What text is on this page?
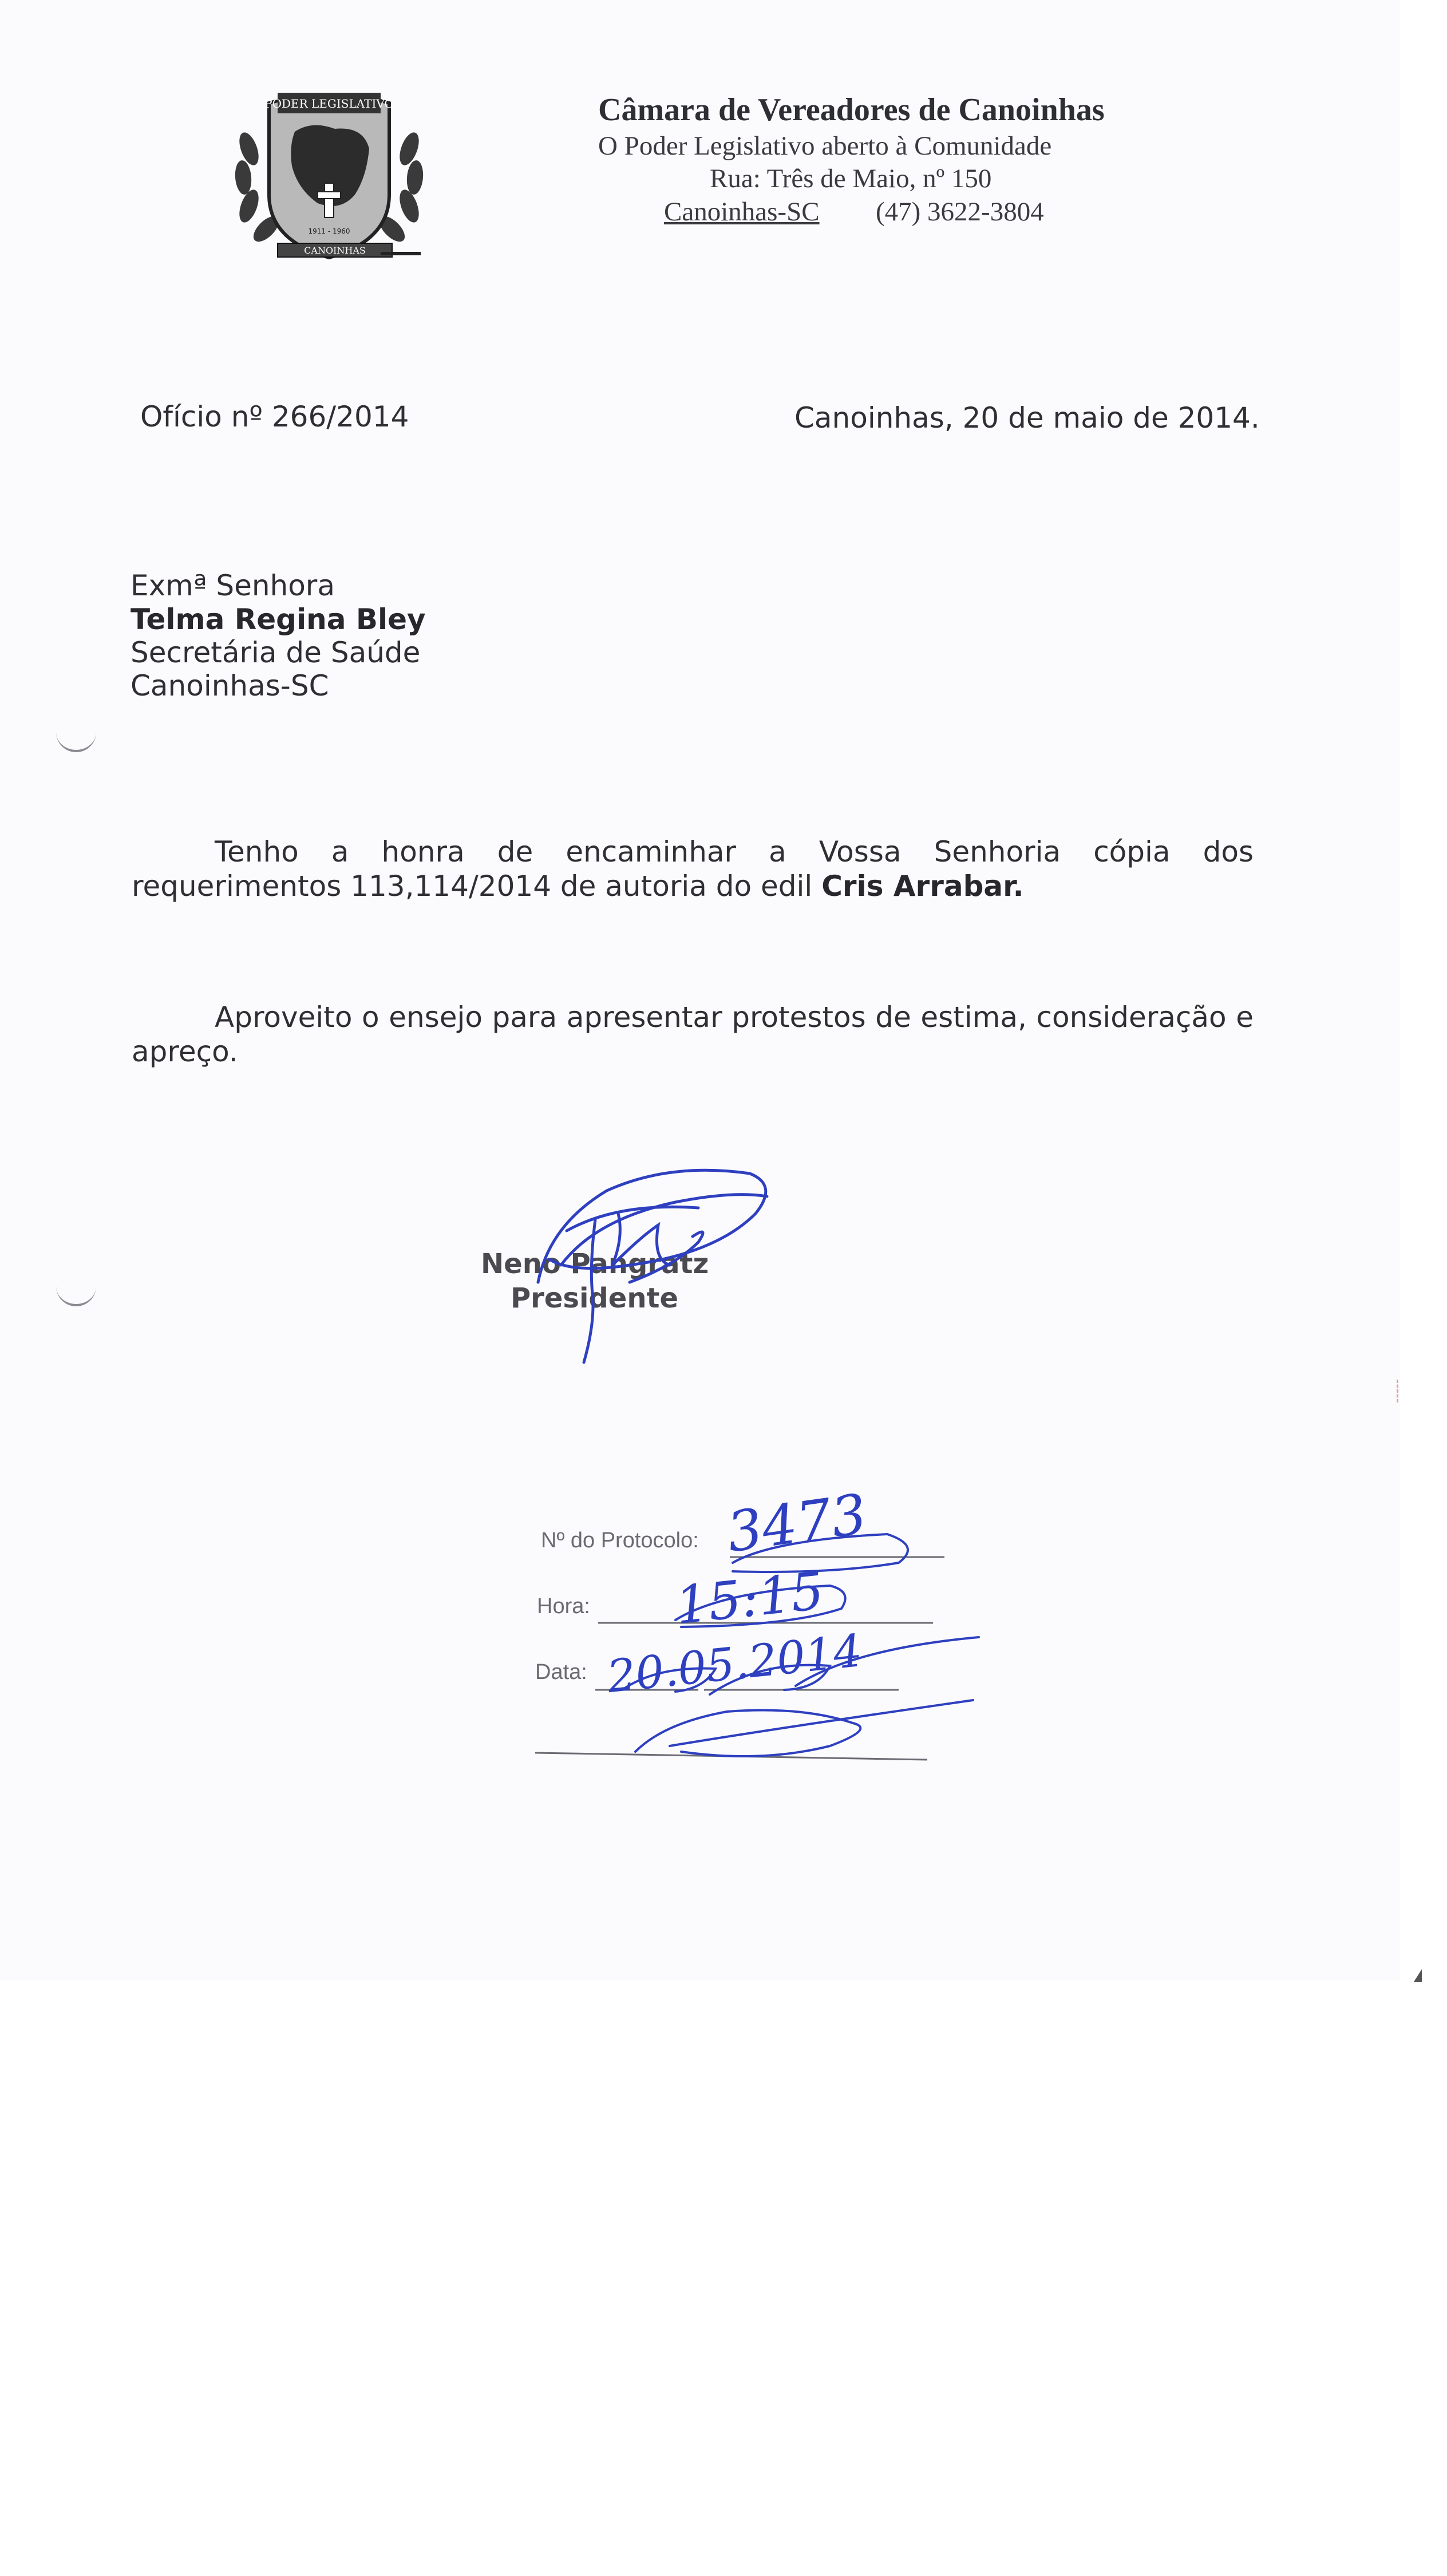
PODER LEGISLATIVO
1911 - 1960
CANOINHAS
Câmara de Vereadores de Canoinhas
O Poder Legislativo aberto à Comunidade
Rua: Três de Maio, nº 150
Canoinhas-SC (47) 3622-3804
Ofício nº 266/2014	Canoinhas, 20 de maio de 2014.
Exmª Senhora
Telma Regina Bley
Secretária de Saúde
Canoinhas-SC
Tenho a honra de encaminhar a Vossa Senhoria cópia dos requerimentos 113,114/2014 de autoria do edil Cris Arrabar.
Aproveito o ensejo para apresentar protestos de estima, consideração e apreço.
Neno Pangratz
Presidente
Nº do Protocolo:
Hora:
Data:
3473
15:15
20.05.2014
